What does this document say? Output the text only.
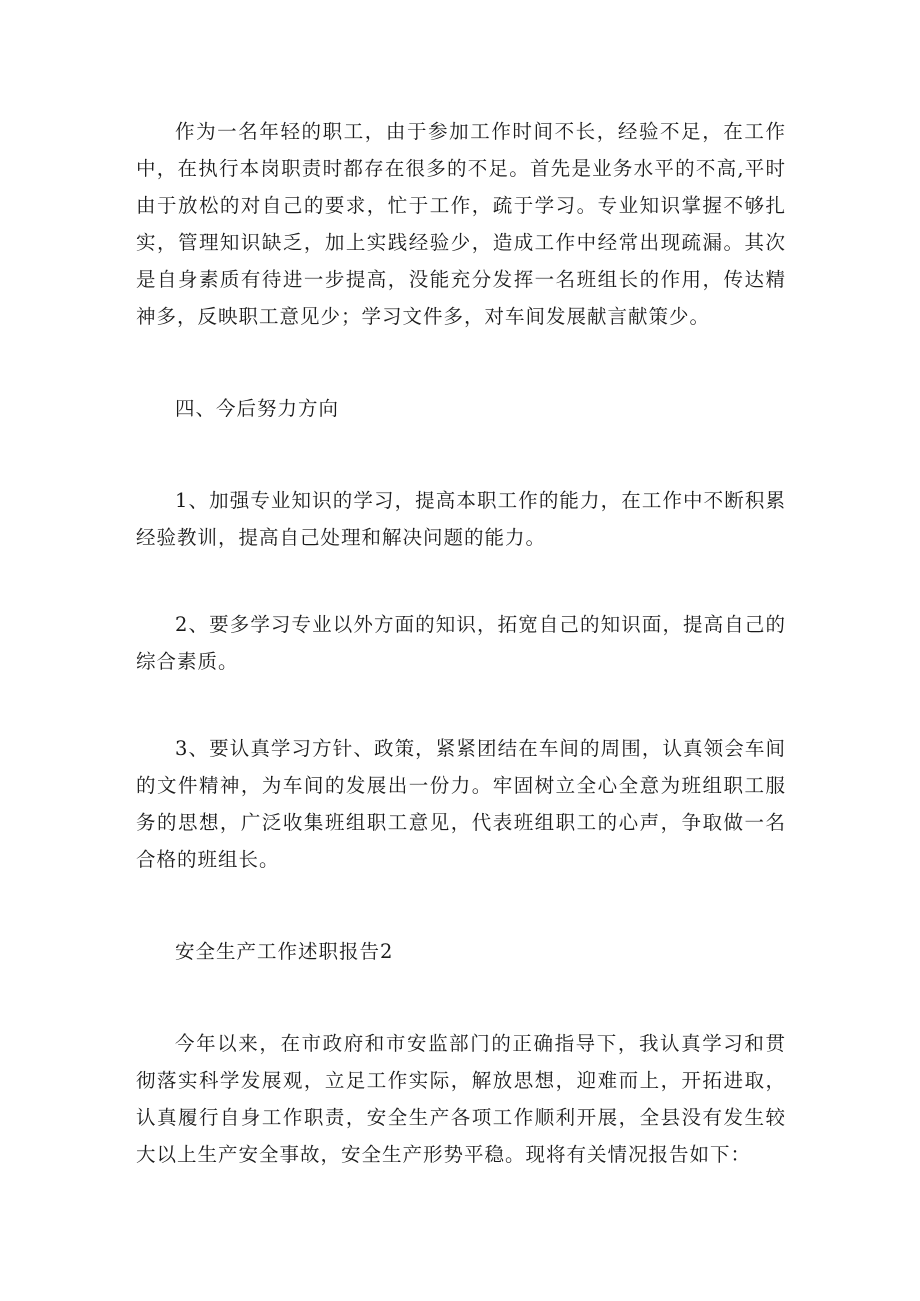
作为一名年轻的职工，由于参加工作时间不长，经验不足，在工作中，在执行本岗职责时都存在很多的不足。首先是业务水平的不高,平时由于放松的对自己的要求，忙于工作，疏于学习。专业知识掌握不够扎实，管理知识缺乏，加上实践经验少，造成工作中经常出现疏漏。其次是自身素质有待进一步提高，没能充分发挥一名班组长的作用，传达精神多，反映职工意见少；学习文件多，对车间发展献言献策少。

四、今后努力方向

1、加强专业知识的学习，提高本职工作的能力，在工作中不断积累经验教训，提高自己处理和解决问题的能力。

2、要多学习专业以外方面的知识，拓宽自己的知识面，提高自己的综合素质。

3、要认真学习方针、政策，紧紧团结在车间的周围，认真领会车间的文件精神，为车间的发展出一份力。牢固树立全心全意为班组职工服务的思想，广泛收集班组职工意见，代表班组职工的心声，争取做一名合格的班组长。

安全生产工作述职报告2

今年以来，在市政府和市安监部门的正确指导下，我认真学习和贯彻落实科学发展观，立足工作实际，解放思想，迎难而上，开拓进取，认真履行自身工作职责，安全生产各项工作顺利开展，全县没有发生较大以上生产安全事故，安全生产形势平稳。现将有关情况报告如下：
